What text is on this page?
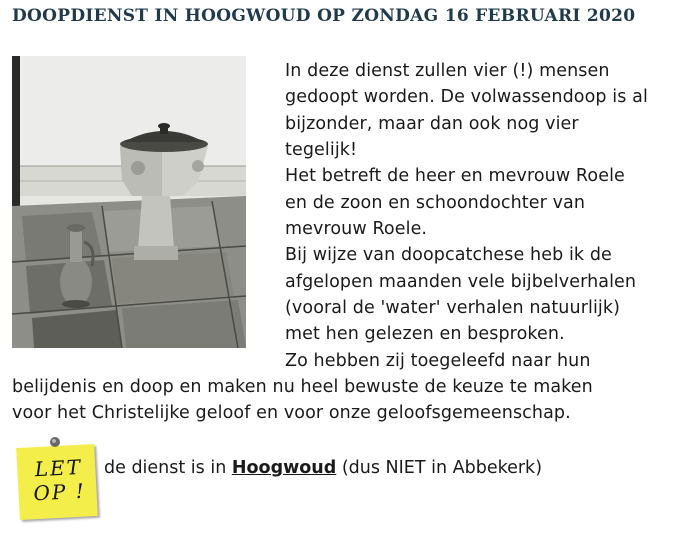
DOOPDIENST IN HOOGWOUD OP ZONDAG 16 FEBRUARI 2020
In deze dienst zullen vier (!) mensen
gedoopt worden. De volwassendoop is al
bijzonder, maar dan ook nog vier
tegelijk!
Het betreft de heer en mevrouw Roele
en de zoon en schoondochter van
mevrouw Roele.
Bij wijze van doopcatchese heb ik de
afgelopen maanden vele bijbelverhalen
(vooral de 'water' verhalen natuurlijk)
met hen gelezen en besproken.
Zo hebben zij toegeleefd naar hun
belijdenis en doop en maken nu heel bewuste de keuze te maken
voor het Christelijke geloof en voor onze geloofsgemeenschap.
LET
OP !
de dienst is in Hoogwoud (dus NIET in Abbekerk)
